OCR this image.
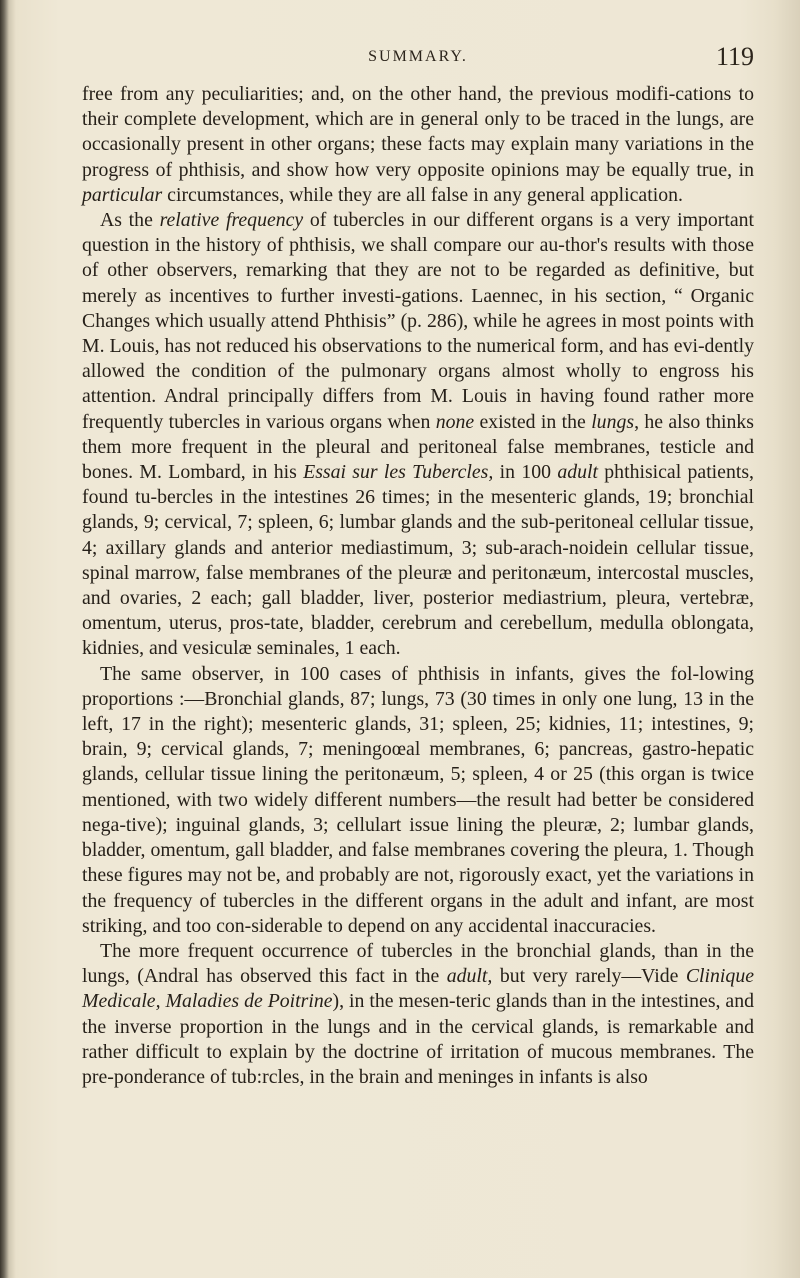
SUMMARY.	119

free from any peculiarities; and, on the other hand, the previous modifi-cations to their complete development, which are in general only to be traced in the lungs, are occasionally present in other organs; these facts may explain many variations in the progress of phthisis, and show how very opposite opinions may be equally true, in particular circumstances, while they are all false in any general application.

As the relative frequency of tubercles in our different organs is a very important question in the history of phthisis, we shall compare our au-thor's results with those of other observers, remarking that they are not to be regarded as definitive, but merely as incentives to further investi-gations. Laennec, in his section, “ Organic Changes which usually attend Phthisis” (p. 286), while he agrees in most points with M. Louis, has not reduced his observations to the numerical form, and has evi-dently allowed the condition of the pulmonary organs almost wholly to engross his attention. Andral principally differs from M. Louis in having found rather more frequently tubercles in various organs when none existed in the lungs, he also thinks them more frequent in the pleural and peritoneal false membranes, testicle and bones. M. Lombard, in his Essai sur les Tubercles, in 100 adult phthisical patients, found tu-bercles in the intestines 26 times; in the mesenteric glands, 19; bronchial glands, 9; cervical, 7; spleen, 6; lumbar glands and the sub-peritoneal cellular tissue, 4; axillary glands and anterior mediastimum, 3; sub-arach-noidein cellular tissue, spinal marrow, false membranes of the pleuræ and peritonæum, intercostal muscles, and ovaries, 2 each; gall bladder, liver, posterior mediastrium, pleura, vertebræ, omentum, uterus, pros-tate, bladder, cerebrum and cerebellum, medulla oblongata, kidnies, and vesiculæ seminales, 1 each.

The same observer, in 100 cases of phthisis in infants, gives the fol-lowing proportions :—Bronchial glands, 87; lungs, 73 (30 times in only one lung, 13 in the left, 17 in the right); mesenteric glands, 31; spleen, 25; kidnies, 11; intestines, 9; brain, 9; cervical glands, 7; meningoœal membranes, 6; pancreas, gastro-hepatic glands, cellular tissue lining the peritonæum, 5; spleen, 4 or 25 (this organ is twice mentioned, with two widely different numbers—the result had better be considered nega-tive); inguinal glands, 3; cellulart issue lining the pleuræ, 2; lumbar glands, bladder, omentum, gall bladder, and false membranes covering the pleura, 1. Though these figures may not be, and probably are not, rigorously exact, yet the variations in the frequency of tubercles in the different organs in the adult and infant, are most striking, and too con-siderable to depend on any accidental inaccuracies.

The more frequent occurrence of tubercles in the bronchial glands, than in the lungs, (Andral has observed this fact in the adult, but very rarely—Vide Clinique Medicale, Maladies de Poitrine), in the mesen-teric glands than in the intestines, and the inverse proportion in the lungs and in the cervical glands, is remarkable and rather difficult to explain by the doctrine of irritation of mucous membranes. The pre-ponderance of tub:rcles, in the brain and meninges in infants is also
